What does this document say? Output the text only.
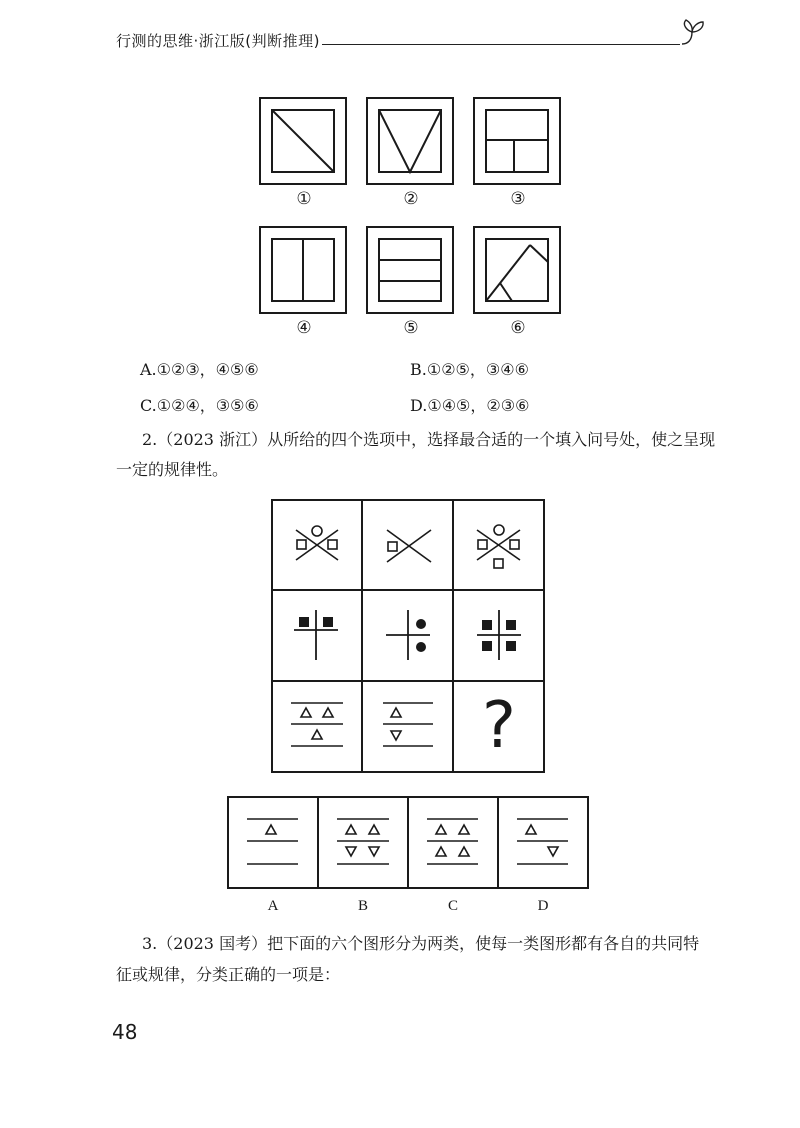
行测的思维·浙江版(判断推理)
①	②	③
④	⑤	⑥
A.①②③，④⑤⑥	B.①②⑤，③④⑥
C.①②④，③⑤⑥	D.①④⑤，②③⑥
2.（2023 浙江）从所给的四个选项中，选择最合适的一个填入问号处，使之呈现
一定的规律性。
?
A	B	C	D
3.（2023 国考）把下面的六个图形分为两类，使每一类图形都有各自的共同特
征或规律，分类正确的一项是：
48
